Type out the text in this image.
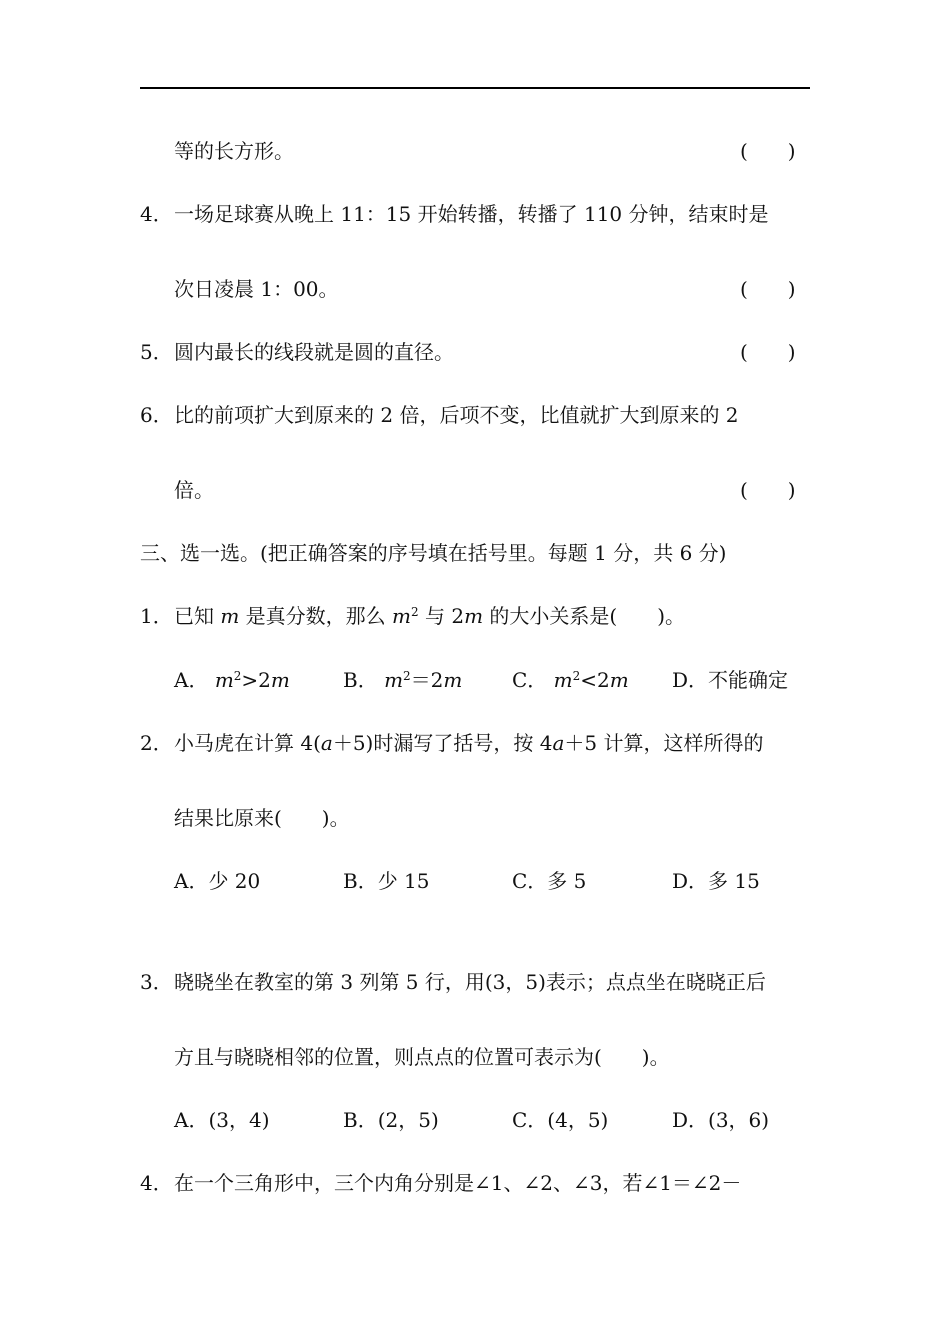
等的长方形。	(　　)
4． 一场足球赛从晚上 11：15 开始转播，转播了 110 分钟，结束时是
次日凌晨 1：00。	(　　)
5． 圆内最长的线段就是圆的直径。	(　　)
6． 比的前项扩大到原来的 2 倍，后项不变，比值就扩大到原来的 2
倍。	(　　)
三、选一选。(把正确答案的序号填在括号里。每题 1 分，共 6 分)
1． 已知 m 是真分数，那么 $m^2$ 与 2m 的大小关系是(　　)。
A． $m^2>2m$	B． $m^2=2m$ C． $m^2<2m$ D．不能确定
2． 小马虎在计算 4(a＋5)时漏写了括号，按 4a＋5 计算，这样所得的
结果比原来(　　)。
A．少 20	B．少 15	C．多 5	D．多 15
3． 晓晓坐在教室的第 3 列第 5 行，用(3，5)表示；点点坐在晓晓正后
方且与晓晓相邻的位置，则点点的位置可表示为(　　)。
A．(3，4)	B．(2，5)	C．(4，5)	D．(3，6)
4． 在一个三角形中，三个内角分别是∠1、∠2、∠3，若∠1＝∠2－
